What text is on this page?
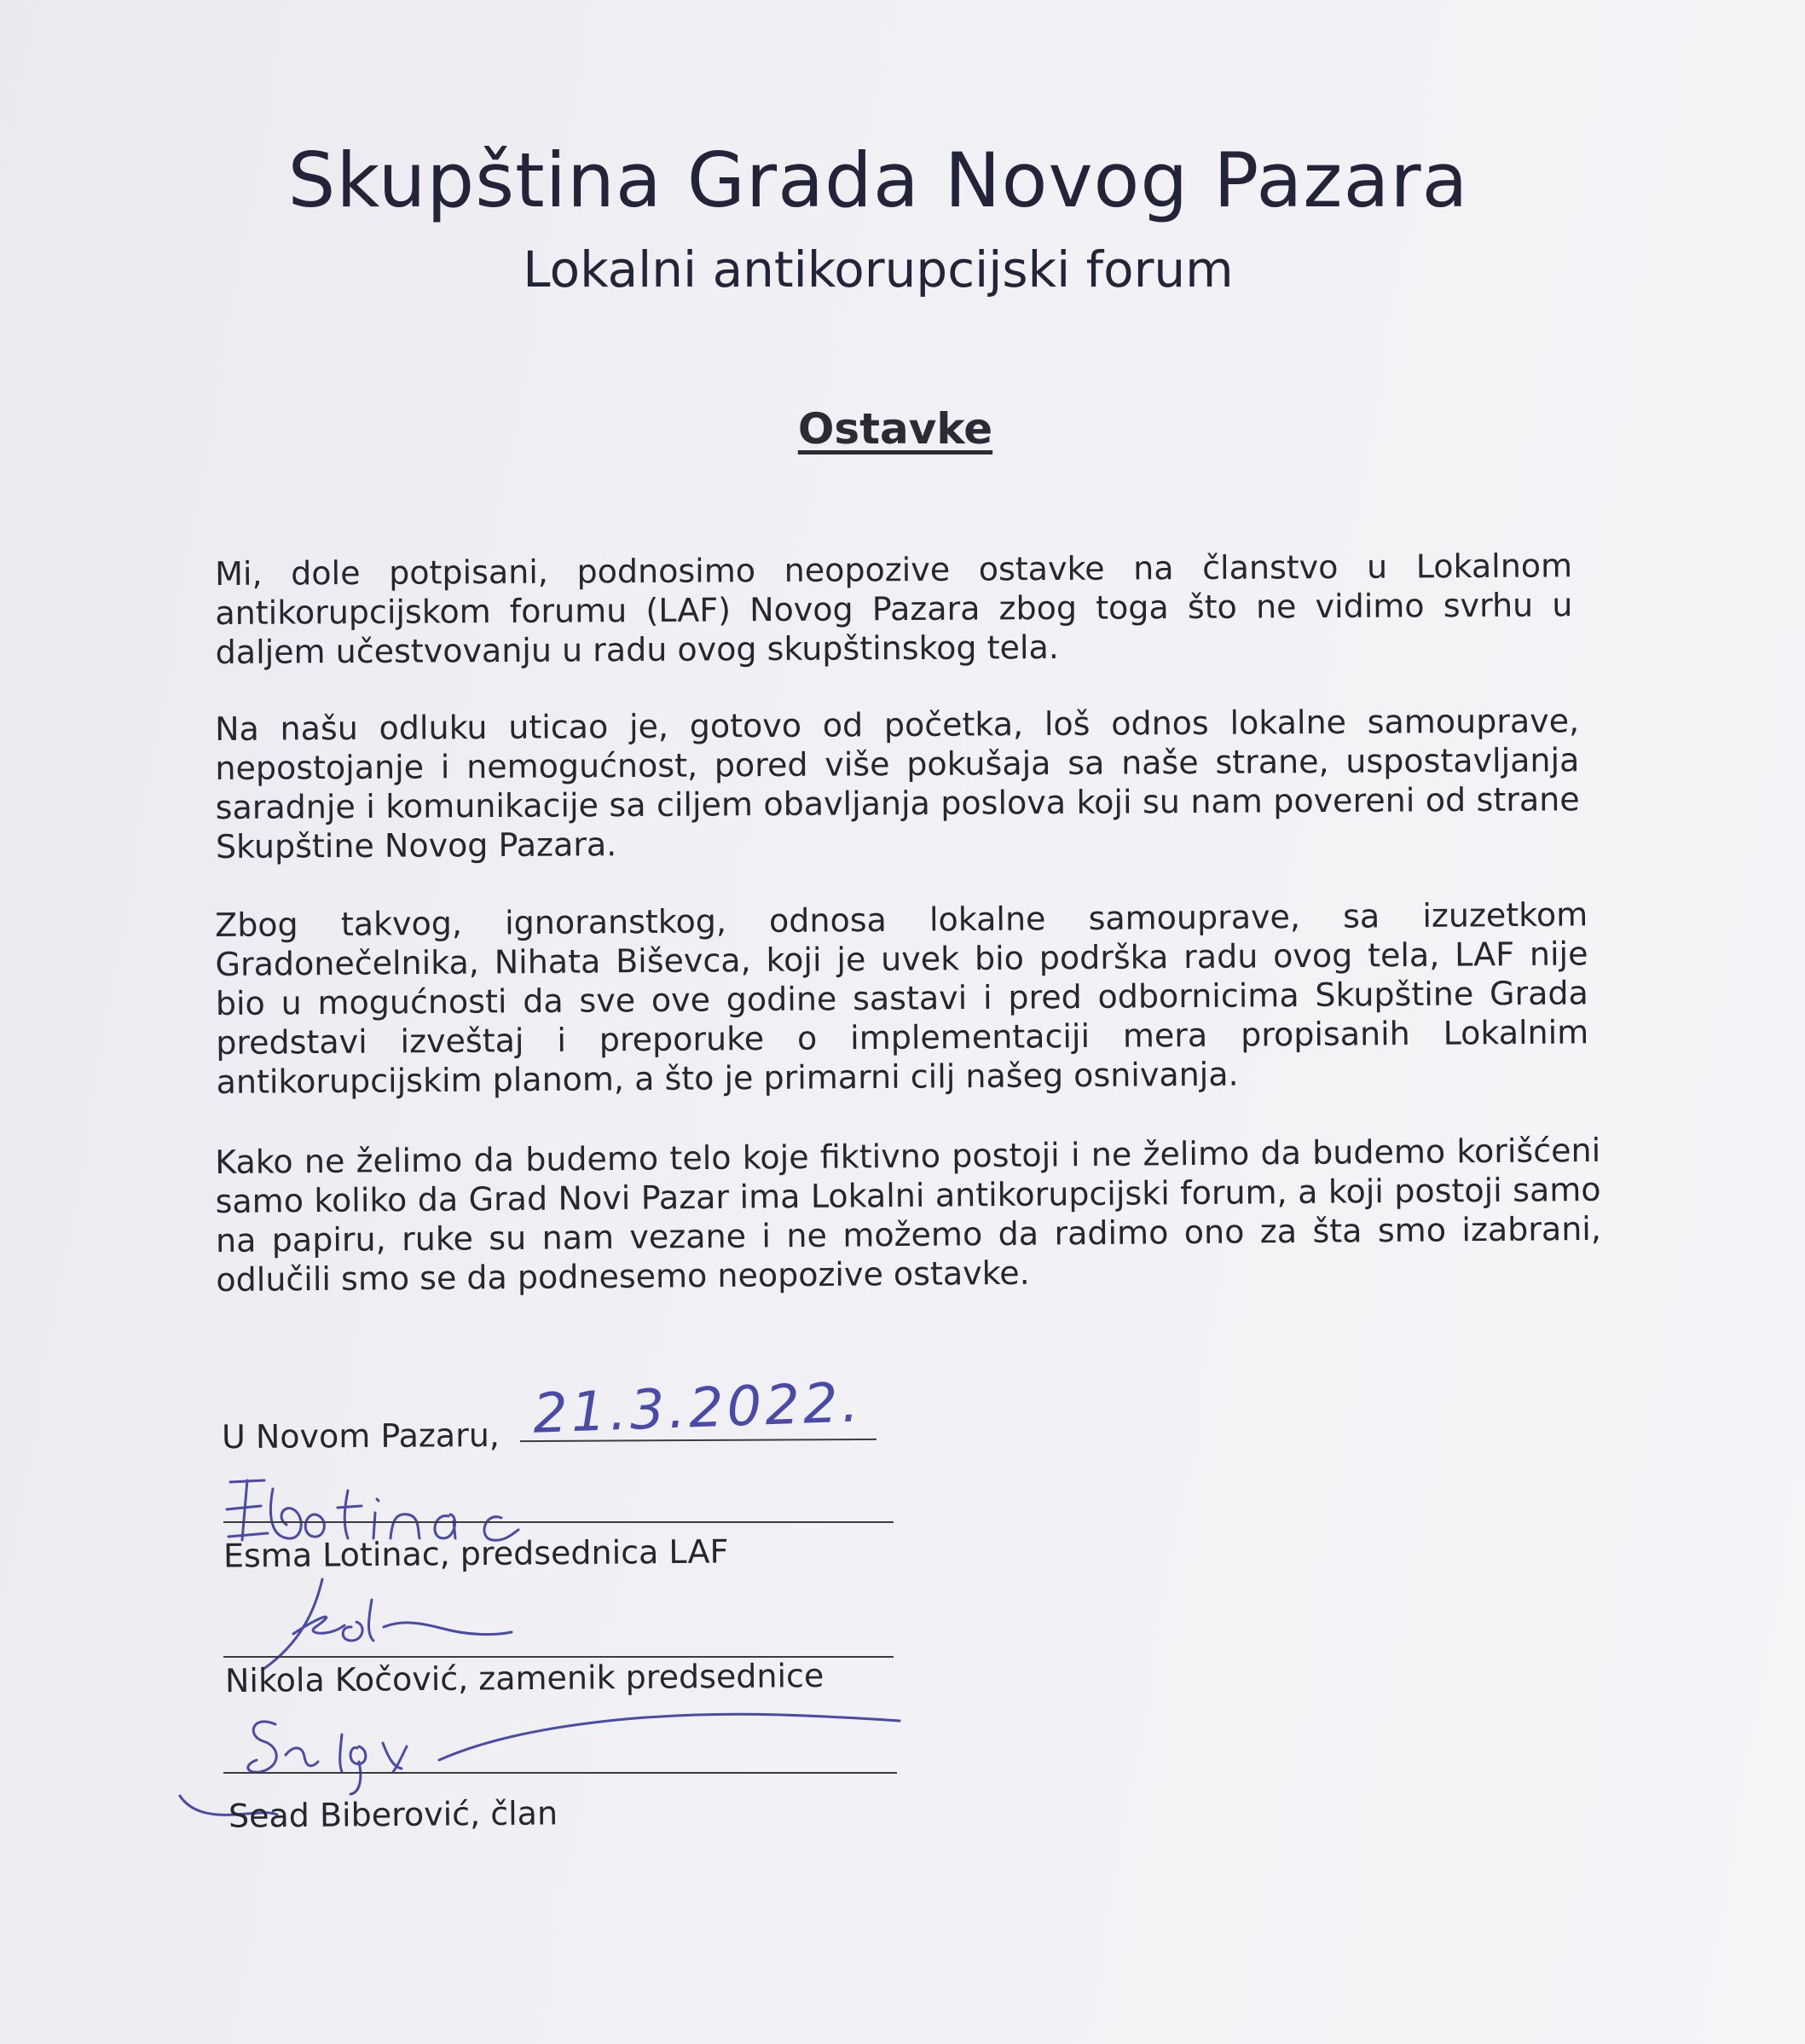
Skupština Grada Novog Pazara
Lokalni antikorupcijski forum
Ostavke
Mi, dole potpisani, podnosimo neopozive ostavke na članstvo u Lokalnom antikorupcijskom forumu (LAF) Novog Pazara zbog toga što ne vidimo svrhu u daljem učestvovanju u radu ovog skupštinskog tela.
Na našu odluku uticao je, gotovo od početka, loš odnos lokalne samouprave, nepostojanje i nemogućnost, pored više pokušaja sa naše strane, uspostavljanja saradnje i komunikacije sa ciljem obavljanja poslova koji su nam povereni od strane Skupštine Novog Pazara.
Zbog takvog, ignoranstkog, odnosa lokalne samouprave, sa izuzetkom Gradonečelnika, Nihata Biševca, koji je uvek bio podrška radu ovog tela, LAF nije bio u mogućnosti da sve ove godine sastavi i pred odbornicima Skupštine Grada predstavi izveštaj i preporuke o implementaciji mera propisanih Lokalnim antikorupcijskim planom, a što je primarni cilj našeg osnivanja.
Kako ne želimo da budemo telo koje fiktivno postoji i ne želimo da budemo korišćeni samo koliko da Grad Novi Pazar ima Lokalni antikorupcijski forum, a koji postoji samo na papiru, ruke su nam vezane i ne možemo da radimo ono za šta smo izabrani, odlučili smo se da podnesemo neopozive ostavke.
U Novom Pazaru, 21.3.2022.
Esma Lotinac, predsednica LAF
Nikola Kočović, zamenik predsednice
Sead Biberović, član
